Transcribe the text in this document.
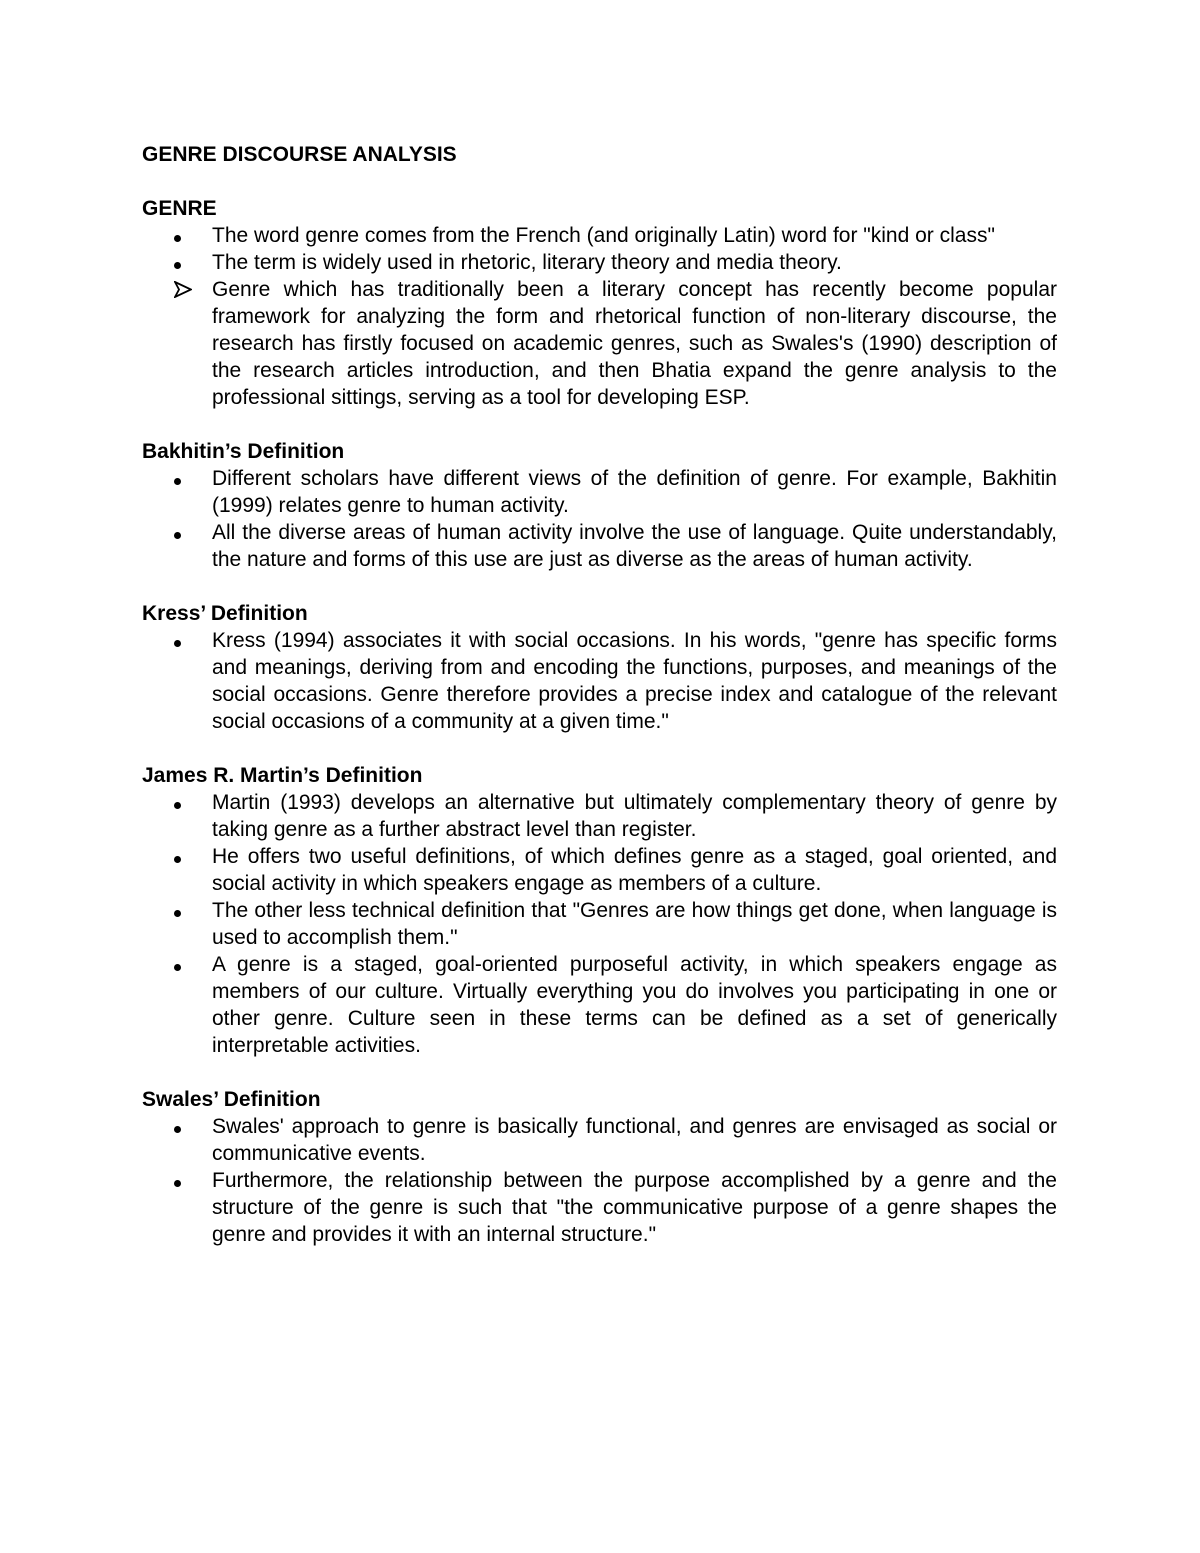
GENRE DISCOURSE ANALYSIS

GENRE

The word genre comes from the French (and originally Latin) word for "kind or class"
The term is widely used in rhetoric, literary theory and media theory.
Genre which has traditionally been a literary concept has recently become popular framework for analyzing the form and rhetorical function of non-literary discourse, the research has firstly focused on academic genres, such as Swales's (1990) description of the research articles introduction, and then Bhatia expand the genre analysis to the professional sittings, serving as a tool for developing ESP.

Bakhitin’s Definition

Different scholars have different views of the definition of genre. For example, Bakhitin (1999) relates genre to human activity.
All the diverse areas of human activity involve the use of language. Quite understandably, the nature and forms of this use are just as diverse as the areas of human activity.

Kress’ Definition

Kress (1994) associates it with social occasions. In his words, "genre has specific forms and meanings, deriving from and encoding the functions, purposes, and meanings of the social occasions. Genre therefore provides a precise index and catalogue of the relevant social occasions of a community at a given time."

James R. Martin’s Definition

Martin (1993) develops an alternative but ultimately complementary theory of genre by taking genre as a further abstract level than register.
He offers two useful definitions, of which defines genre as a staged, goal oriented, and social activity in which speakers engage as members of a culture.
The other less technical definition that "Genres are how things get done, when language is used to accomplish them."
A genre is a staged, goal-oriented purposeful activity, in which speakers engage as members of our culture. Virtually everything you do involves you participating in one or other genre. Culture seen in these terms can be defined as a set of generically interpretable activities.

Swales’ Definition

Swales' approach to genre is basically functional, and genres are envisaged as social or communicative events.
Furthermore, the relationship between the purpose accomplished by a genre and the structure of the genre is such that "the communicative purpose of a genre shapes the genre and provides it with an internal structure."
